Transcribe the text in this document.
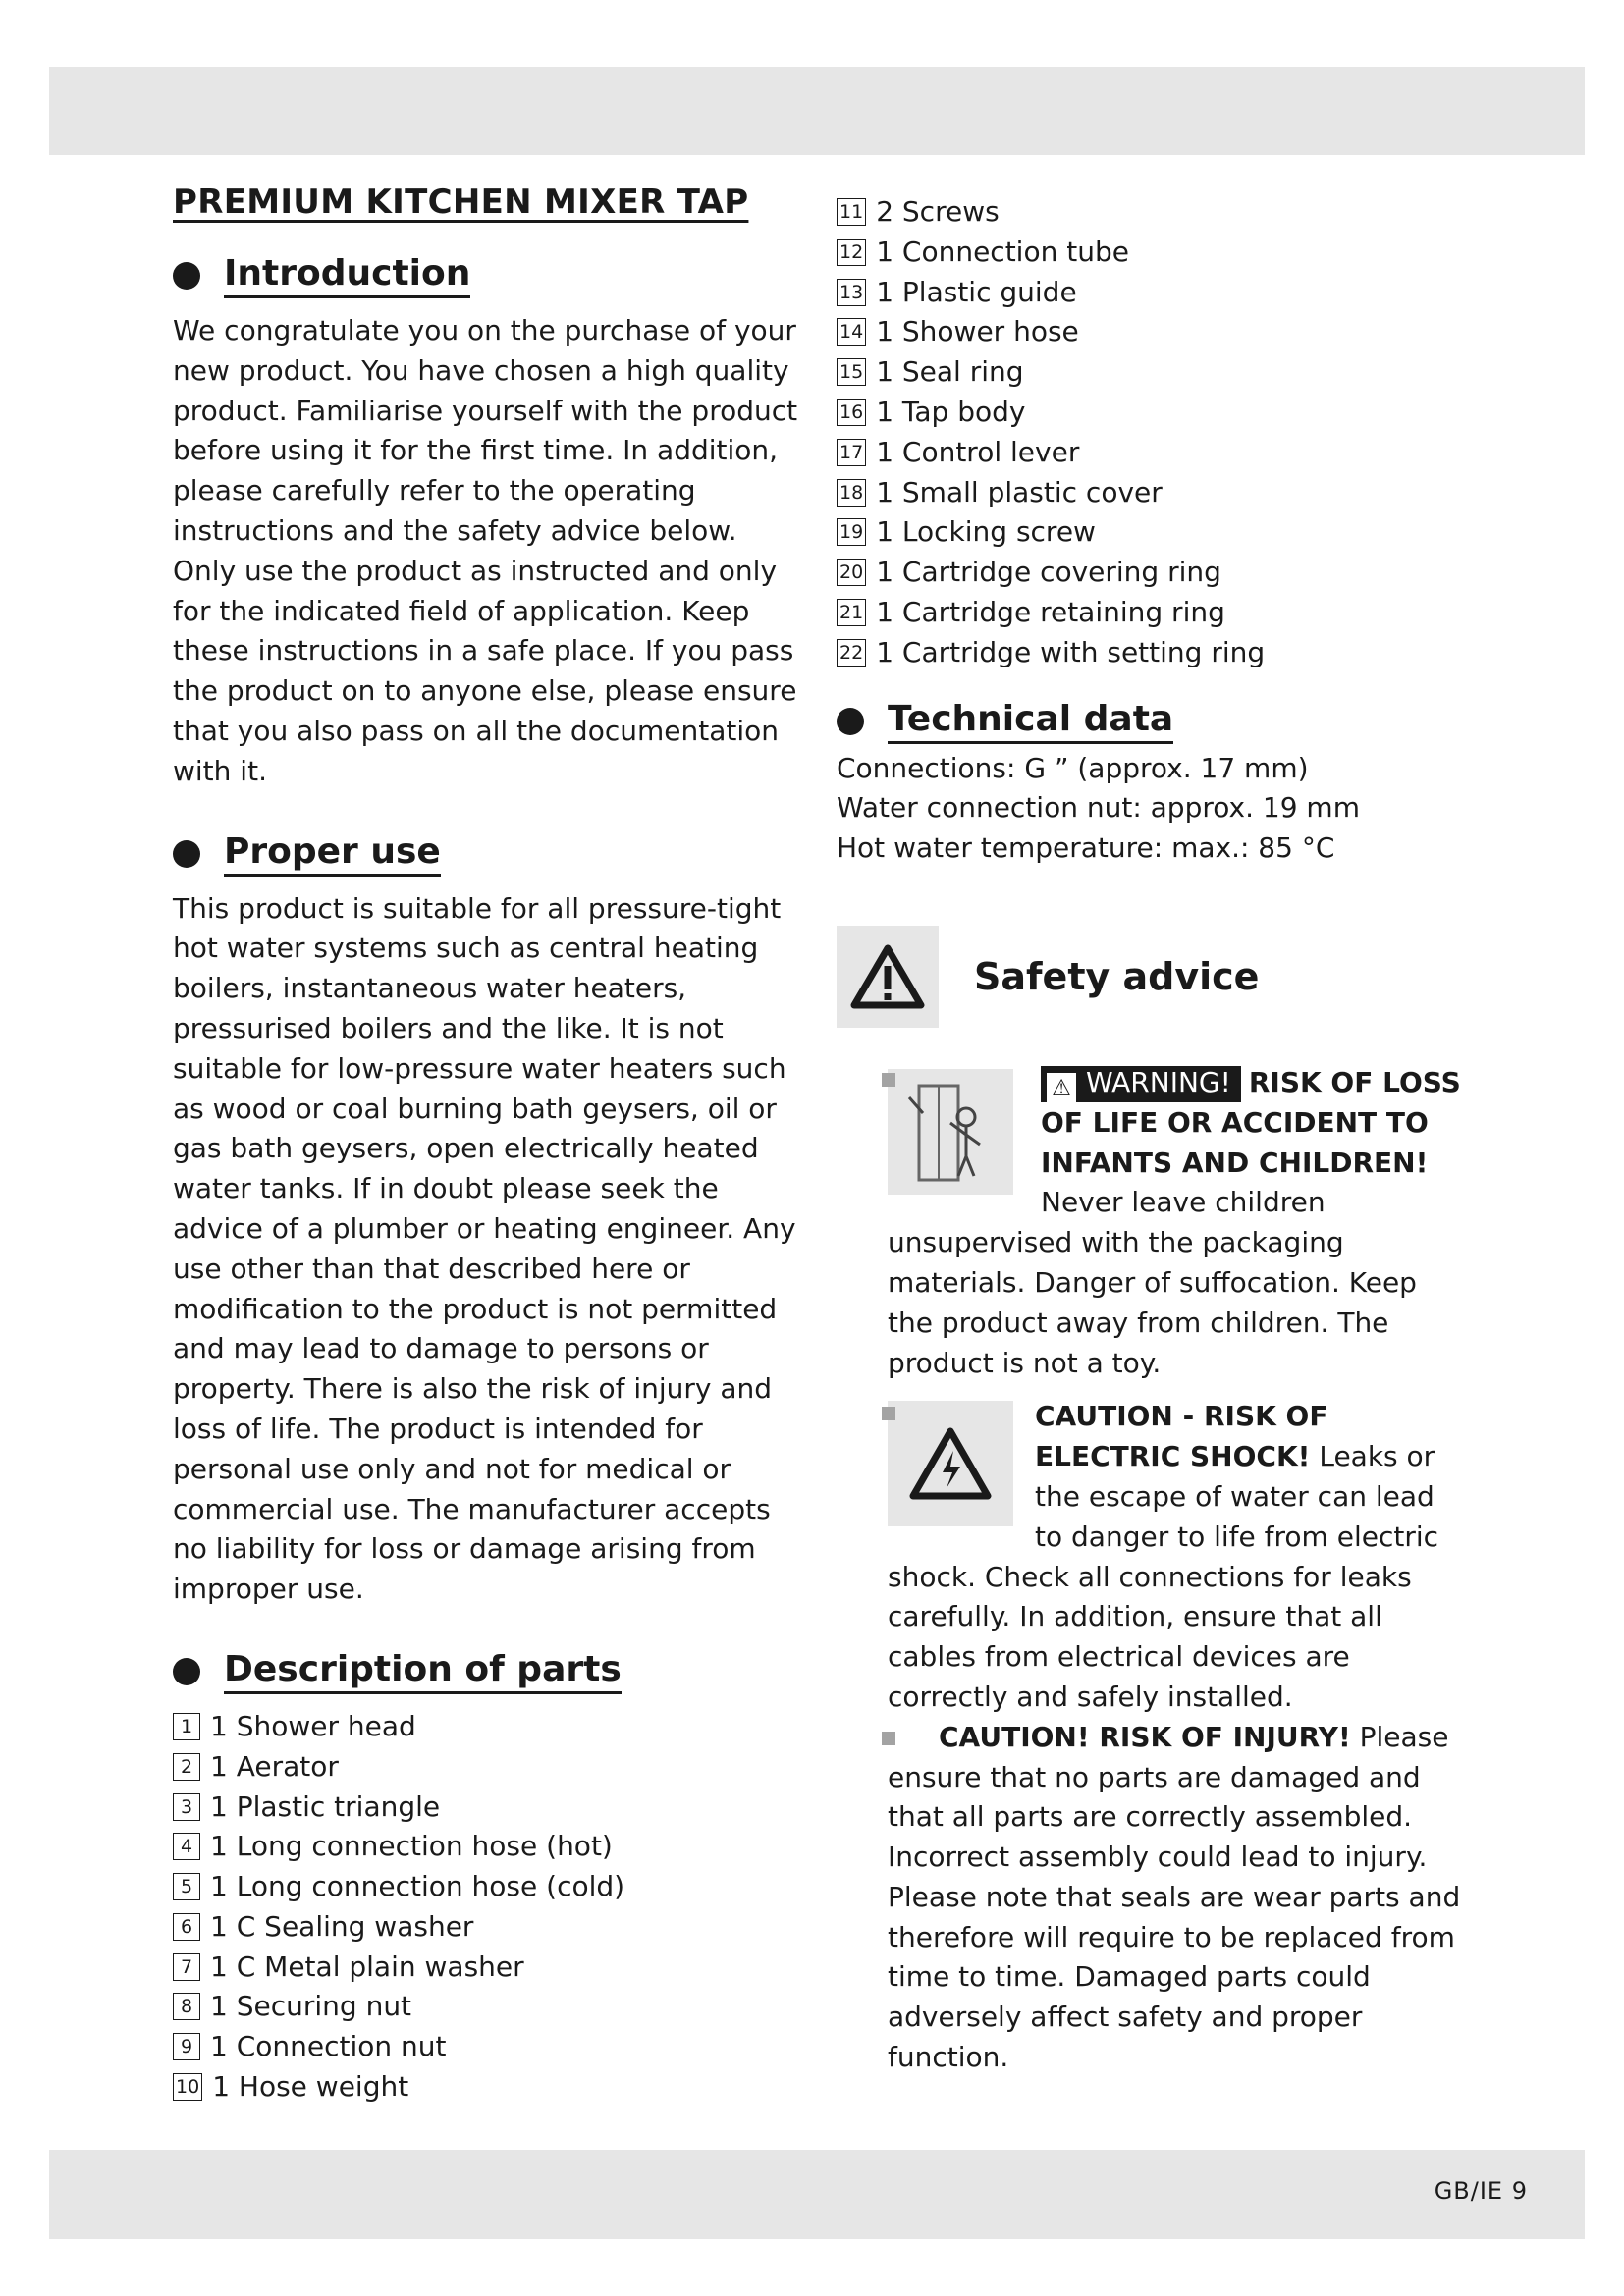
PREMIUM KITCHEN MIXER TAP
Introduction

We congratulate you on the purchase of your new product. You have chosen a high quality product. Familiarise yourself with the product before using it for the first time. In addition, please carefully refer to the operating instructions and the safety advice below. Only use the product as instructed and only for the indicated field of application. Keep these instructions in a safe place. If you pass the product on to anyone else, please ensure that you also pass on all the documentation with it.

Proper use

This product is suitable for all pressure-tight hot water systems such as central heating boilers, instantaneous water heaters, pressurised boilers and the like. It is not suitable for low-pressure water heaters such as wood or coal burning bath geysers, oil or gas bath geysers, open electrically heated water tanks. If in doubt please seek the advice of a plumber or heating engineer. Any use other than that described here or modification to the product is not permitted and may lead to damage to persons or property. There is also the risk of injury and loss of life. The product is intended for personal use only and not for medical or commercial use. The manufacturer accepts no liability for loss or damage arising from improper use.

Description of parts
1 1 Shower head
2 1 Aerator
3 1 Plastic triangle
4 1 Long connection hose (hot)
5 1 Long connection hose (cold)
6 1 C Sealing washer
7 1 C Metal plain washer
8 1 Securing nut
9 1 Connection nut
10 1 Hose weight
11 2 Screws
12 1 Connection tube
13 1 Plastic guide
14 1 Shower hose
15 1 Seal ring
16 1 Tap body
17 1 Control lever
18 1 Small plastic cover
19 1 Locking screw
20 1 Cartridge covering ring
21 1 Cartridge retaining ring
22 1 Cartridge with setting ring
Technical data
Connections: G ” (approx. 17 mm)
Water connection nut: approx. 19 mm
Hot water temperature: max.: 85 °C
Safety advice

⚠ WARNING! RISK OF LOSS OF LIFE OR ACCIDENT TO INFANTS AND CHILDREN! Never leave children unsupervised with the packaging materials. Danger of suffocation. Keep the product away from children. The product is not a toy.

CAUTION - RISK OF ELECTRIC SHOCK! Leaks or the escape of water can lead to danger to life from electric shock. Check all connections for leaks carefully. In addition, ensure that all cables from electrical devices are correctly and safely installed.

CAUTION! RISK OF INJURY! Please ensure that no parts are damaged and that all parts are correctly assembled. Incorrect assembly could lead to injury. Please note that seals are wear parts and therefore will require to be replaced from time to time. Damaged parts could adversely affect safety and proper function.

GB/IE 9
